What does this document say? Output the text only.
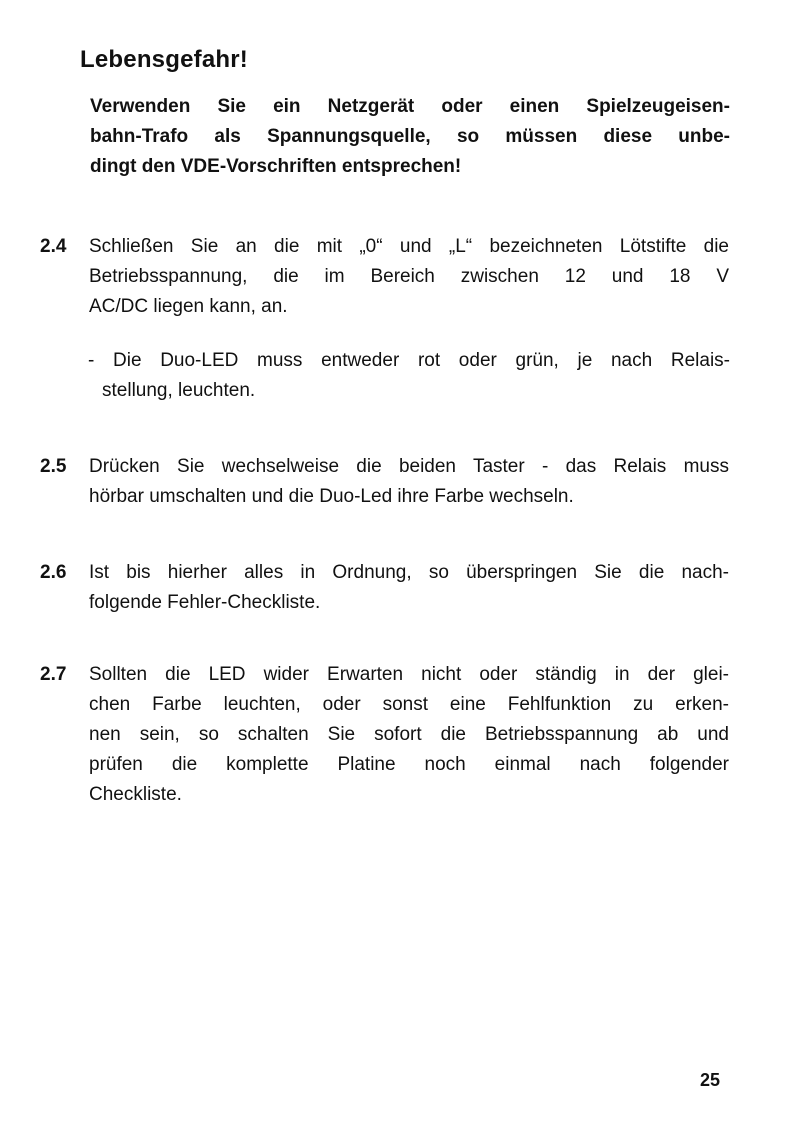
Lebensgefahr!
Verwenden Sie ein Netzgerät oder einen Spielzeugeisen-
bahn-Trafo als Spannungsquelle, so müssen diese unbe-
dingt den VDE-Vorschriften entsprechen!
2.4 Schließen Sie an die mit „0“ und „L“ bezeichneten Lötstifte die
Betriebsspannung, die im Bereich zwischen 12 und 18 V
AC/DC liegen kann, an.
- Die Duo-LED muss entweder rot oder grün, je nach Relais-
stellung, leuchten.
2.5 Drücken Sie wechselweise die beiden Taster - das Relais muss
hörbar umschalten und die Duo-Led ihre Farbe wechseln.
2.6 Ist bis hierher alles in Ordnung, so überspringen Sie die nach-
folgende Fehler-Checkliste.
2.7 Sollten die LED wider Erwarten nicht oder ständig in der glei-
chen Farbe leuchten, oder sonst eine Fehlfunktion zu erken-
nen sein, so schalten Sie sofort die Betriebsspannung ab und
prüfen die komplette Platine noch einmal nach folgender
Checkliste.
25
